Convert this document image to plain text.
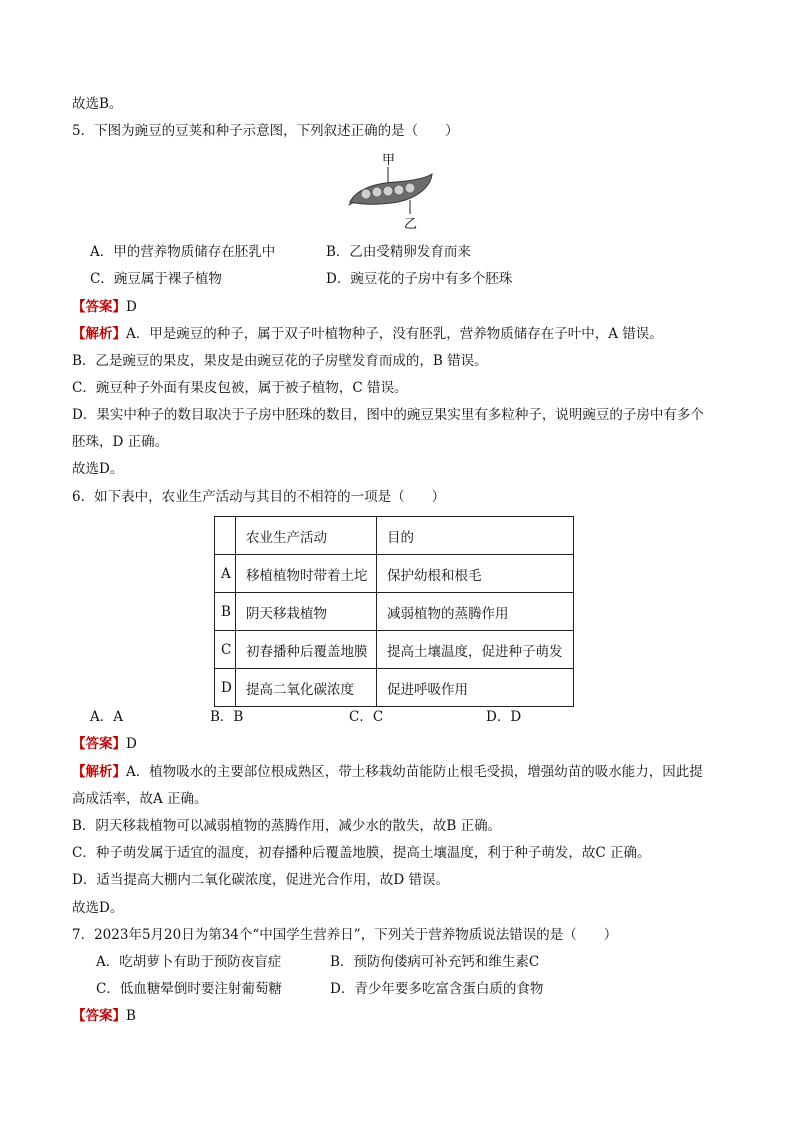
故选B。
5．下图为豌豆的豆荚和种子示意图，下列叙述正确的是（　　）
甲
乙
A．甲的营养物质储存在胚乳中	B．乙由受精卵发育而来
C．豌豆属于裸子植物	D．豌豆花的子房中有多个胚珠
【答案】D
【解析】A．甲是豌豆的种子，属于双子叶植物种子，没有胚乳，营养物质储存在子叶中，A 错误。
B．乙是豌豆的果皮，果皮是由豌豆花的子房壁发育而成的，B 错误。
C．豌豆种子外面有果皮包被，属于被子植物，C 错误。
D．果实中种子的数目取决于子房中胚珠的数目，图中的豌豆果实里有多粒种子，说明豌豆的子房中有多个
胚珠，D 正确。
故选D。
6．如下表中，农业生产活动与其目的不相符的一项是（　　）
	农业生产活动	目的
A	移植植物时带着土坨	保护幼根和根毛
B	阴天移栽植物	减弱植物的蒸腾作用
C	初春播种后覆盖地膜	提高土壤温度，促进种子萌发
D	提高二氧化碳浓度	促进呼吸作用
A．A	B．B	C．C	D．D
【答案】D
【解析】A．植物吸水的主要部位根成熟区，带土移栽幼苗能防止根毛受损，增强幼苗的吸水能力，因此提
高成活率，故A 正确。
B．阴天移栽植物可以减弱植物的蒸腾作用，减少水的散失，故B 正确。
C．种子萌发属于适宜的温度，初春播种后覆盖地膜，提高土壤温度，利于种子萌发，故C 正确。
D．适当提高大棚内二氧化碳浓度，促进光合作用，故D 错误。
故选D。
7．2023年5月20日为第34个“中国学生营养日”，下列关于营养物质说法错误的是（　　）
A．吃胡萝卜有助于预防夜盲症	B．预防佝偻病可补充钙和维生素C
C．低血糖晕倒时要注射葡萄糖	D．青少年要多吃富含蛋白质的食物
【答案】B
